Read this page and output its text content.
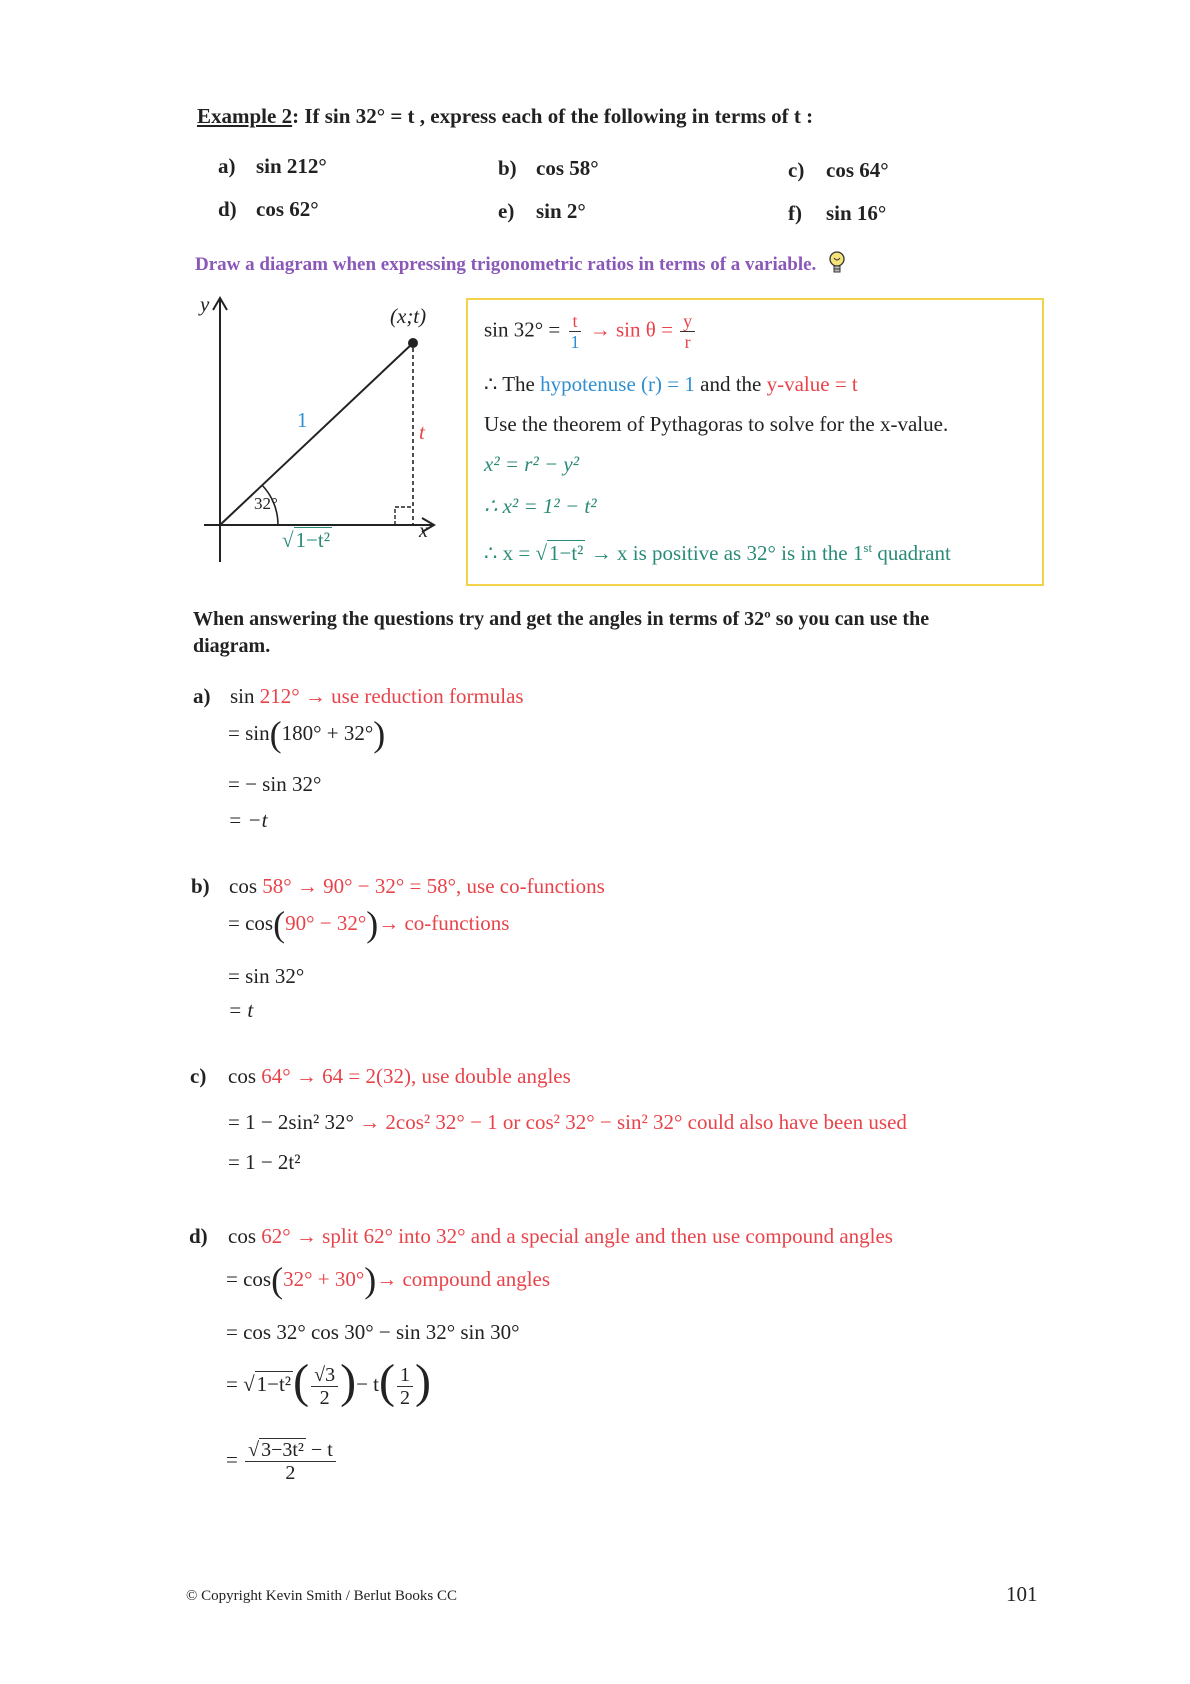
Example 2: If sin 32° = t , express each of the following in terms of t :
a) sin 212°	b) cos 58°	c) cos 64°
d) cos 62°	e) sin 2°	f) sin 16°
Draw a diagram when expressing trigonometric ratios in terms of a variable.
y
x
(x;t)
1	t
32°
√1−t²
$\sin 32^\circ = \frac{t}{1} \to \sin \theta = \frac{y}{r}$
∴ The hypotenuse (r) = 1 and the y-value = t
Use the theorem of Pythagoras to solve for the x-value.
x² = r² − y²
∴ x² = 1² − t²
∴ x = √1−t² → x is positive as 32° is in the 1st quadrant
When answering the questions try and get the angles in terms of 32º so you can use the
diagram.
a) sin 212° → use reduction formulas
= sin(180° + 32°)
= − sin 32°
= −t
b) cos 58° → 90° − 32° = 58°, use co-functions
= cos(90° − 32°)→ co-functions
= sin 32°
= t
c) cos 64° → 64 = 2(32), use double angles
= 1 − 2sin² 32° → 2cos² 32° − 1 or cos² 32° − sin² 32° could also have been used
= 1 − 2t²
d) cos 62° → split 62° into 32° and a special angle and then use compound angles
= cos(32° + 30°)→ compound angles
= cos 32° cos 30° − sin 32° sin 30°
= $√1-t^2( \frac{√3}{2}$ )− $t( \frac{1}{2}$ )
= $\frac{\text{√ 3−3t² − t}}{2}$
© Copyright Kevin Smith / Berlut Books CC	101
